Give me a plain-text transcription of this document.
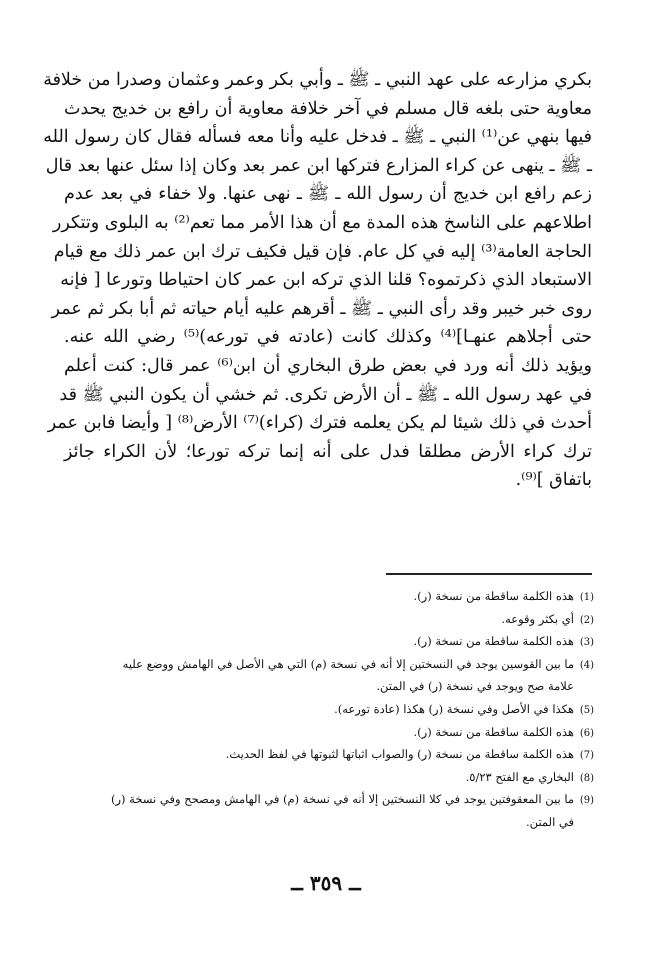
بكري مزارعه على عهد النبي ـ ﷺ ـ وأبي بكر وعمر وعثمان وصدرا من خلافة
معاوية حتى بلغه قال مسلم في آخر خلافة معاوية أن رافع بن خديج يحدث
فيها بنهي عن⁽¹⁾ النبي ـ ﷺ ـ فدخل عليه وأنا معه فسأله فقال كان رسول الله
ـ ﷺ ـ ينهى عن كراء المزارع فتركها ابن عمر بعد وكان إذا سئل عنها بعد قال
زعم رافع ابن خديج أن رسول الله ـ ﷺ ـ نهى عنها. ولا خفاء في بعد عدم
اطلاعهم على الناسخ هذه المدة مع أن هذا الأمر مما تعم⁽²⁾ به البلوى وتتكرر
الحاجة العامة⁽³⁾ إليه في كل عام. فإن قيل فكيف ترك ابن عمر ذلك مع قيام
الاستبعاد الذي ذكرتموه؟ قلنا الذي تركه ابن عمر كان احتياطا وتورعا [ فإنه
روى خبر خيبر وقد رأى النبي ـ ﷺ ـ أقرهم عليه أيام حياته ثم أبا بكر ثم عمر
حتى أجلاهم عنهـا]⁽⁴⁾ وكذلك كانت (عادته في تورعه)⁽⁵⁾ رضي الله عنه.
ويؤيد ذلك أنه ورد في بعض طرق البخاري أن ابن⁽⁶⁾ عمر قال: كنت أعلم
في عهد رسول الله ـ ﷺ ـ أن الأرض تكرى. ثم خشي أن يكون النبي ﷺ قد
أحدث في ذلك شيئا لم يكن يعلمه فترك (كراء)⁽⁷⁾ الأرض⁽⁸⁾ [ وأيضا فابن عمر
ترك كراء الأرض مطلقا فدل على أنه إنما تركه تورعا؛ لأن الكراء جائز
باتفاق ]⁽⁹⁾.
(1)هذه الكلمة ساقطة من نسخة (ر).
(2)أي بكثر وقوعه.
(3)هذه الكلمة ساقطة من نسخة (ر).
(4)ما بين القوسين يوجد في النسختين إلا أنه في نسخة (م) التي هي الأصل في الهامش ووضع عليه
علامة صح ويوجد في نسخة (ر) في المتن.
(5)هكذا في الأصل وفي نسخة (ر) هكذا (عادة تورعه).
(6)هذه الكلمة ساقطة من نسخة (ر).
(7)هذه الكلمة ساقطة من نسخة (ر) والصواب اثباتها لثبوتها في لفظ الحديث.
(8)البخاري مع الفتح ٥/٢٣.
(9)ما بين المعقوفتين يوجد في كلا النسختين إلا أنه في نسخة (م) في الهامش ومصحح وفي نسخة (ر)
في المتن.
ــ ٣٥٩ ــ
